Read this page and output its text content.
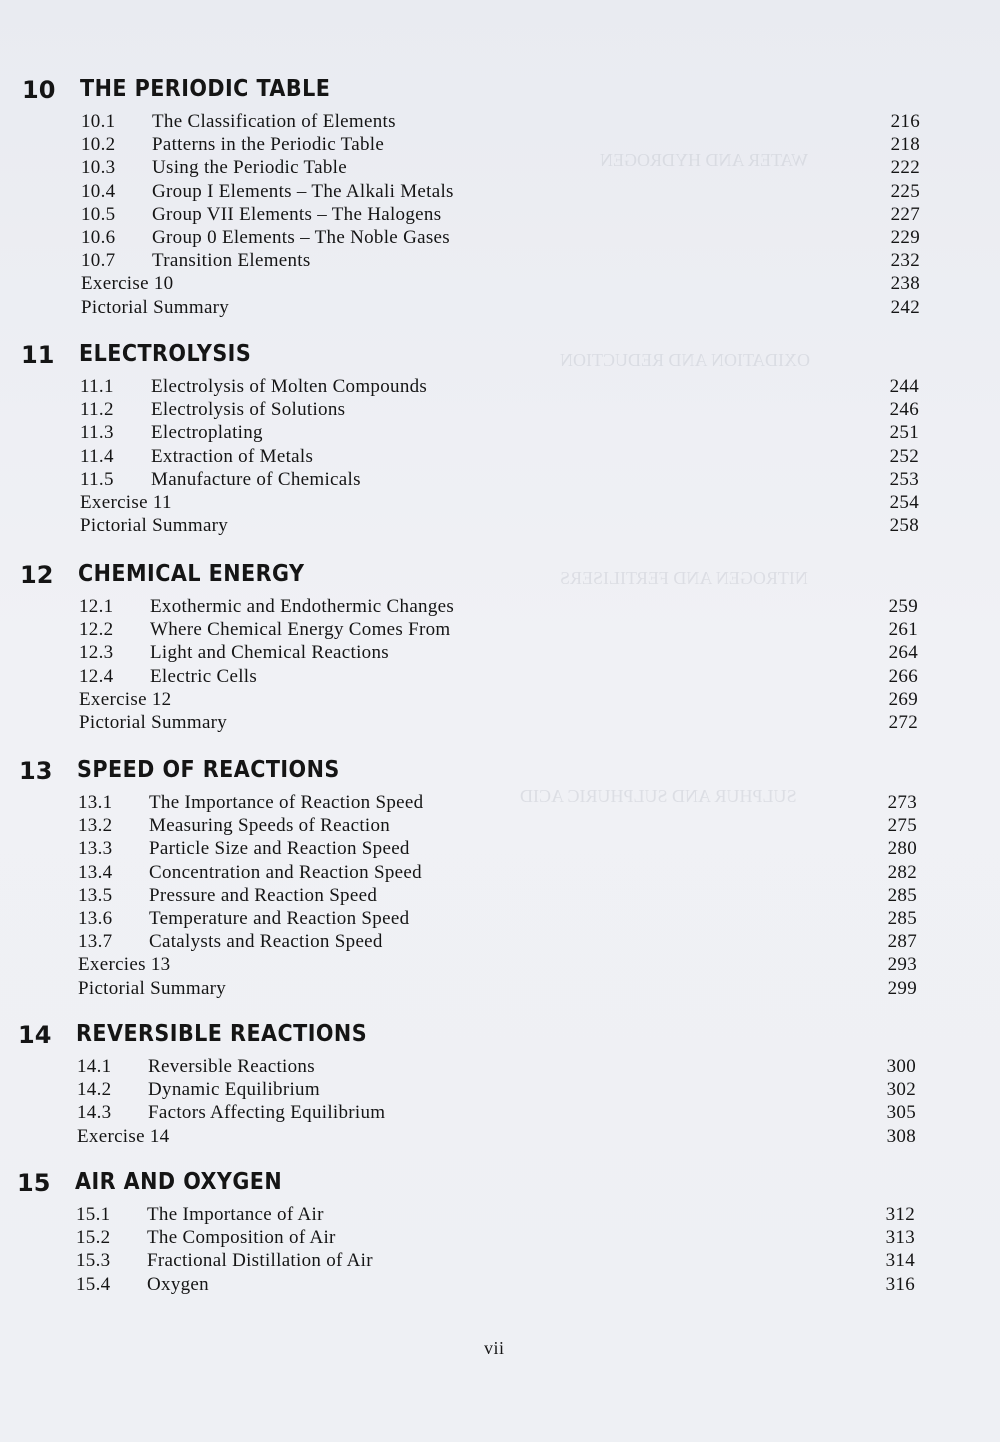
WATER AND HYDROGEN
OXIDATION AND REDUCTION
NITROGEN AND FERTILISERS
SULPHUR AND SULPHURIC ACID
10 THE PERIODIC TABLE
10.1 The Classification of Elements	216
10.2 Patterns in the Periodic Table	218
10.3 Using the Periodic Table	222
10.4 Group I Elements – The Alkali Metals	225
10.5 Group VII Elements – The Halogens	227
10.6 Group 0 Elements – The Noble Gases	229
10.7 Transition Elements	232
Exercise 10	238
Pictorial Summary	242
11 ELECTROLYSIS
11.1 Electrolysis of Molten Compounds	244
11.2 Electrolysis of Solutions	246
11.3 Electroplating	251
11.4 Extraction of Metals	252
11.5 Manufacture of Chemicals	253
Exercise 11	254
Pictorial Summary	258
12 CHEMICAL ENERGY
12.1 Exothermic and Endothermic Changes	259
12.2 Where Chemical Energy Comes From	261
12.3 Light and Chemical Reactions	264
12.4 Electric Cells	266
Exercise 12	269
Pictorial Summary	272
13 SPEED OF REACTIONS
13.1 The Importance of Reaction Speed	273
13.2 Measuring Speeds of Reaction	275
13.3 Particle Size and Reaction Speed	280
13.4 Concentration and Reaction Speed	282
13.5 Pressure and Reaction Speed	285
13.6 Temperature and Reaction Speed	285
13.7 Catalysts and Reaction Speed	287
Exercies 13	293
Pictorial Summary	299
14 REVERSIBLE REACTIONS
14.1 Reversible Reactions	300
14.2 Dynamic Equilibrium	302
14.3 Factors Affecting Equilibrium	305
Exercise 14	308
15 AIR AND OXYGEN
15.1 The Importance of Air	312
15.2 The Composition of Air	313
15.3 Fractional Distillation of Air	314
15.4 Oxygen	316
vii
